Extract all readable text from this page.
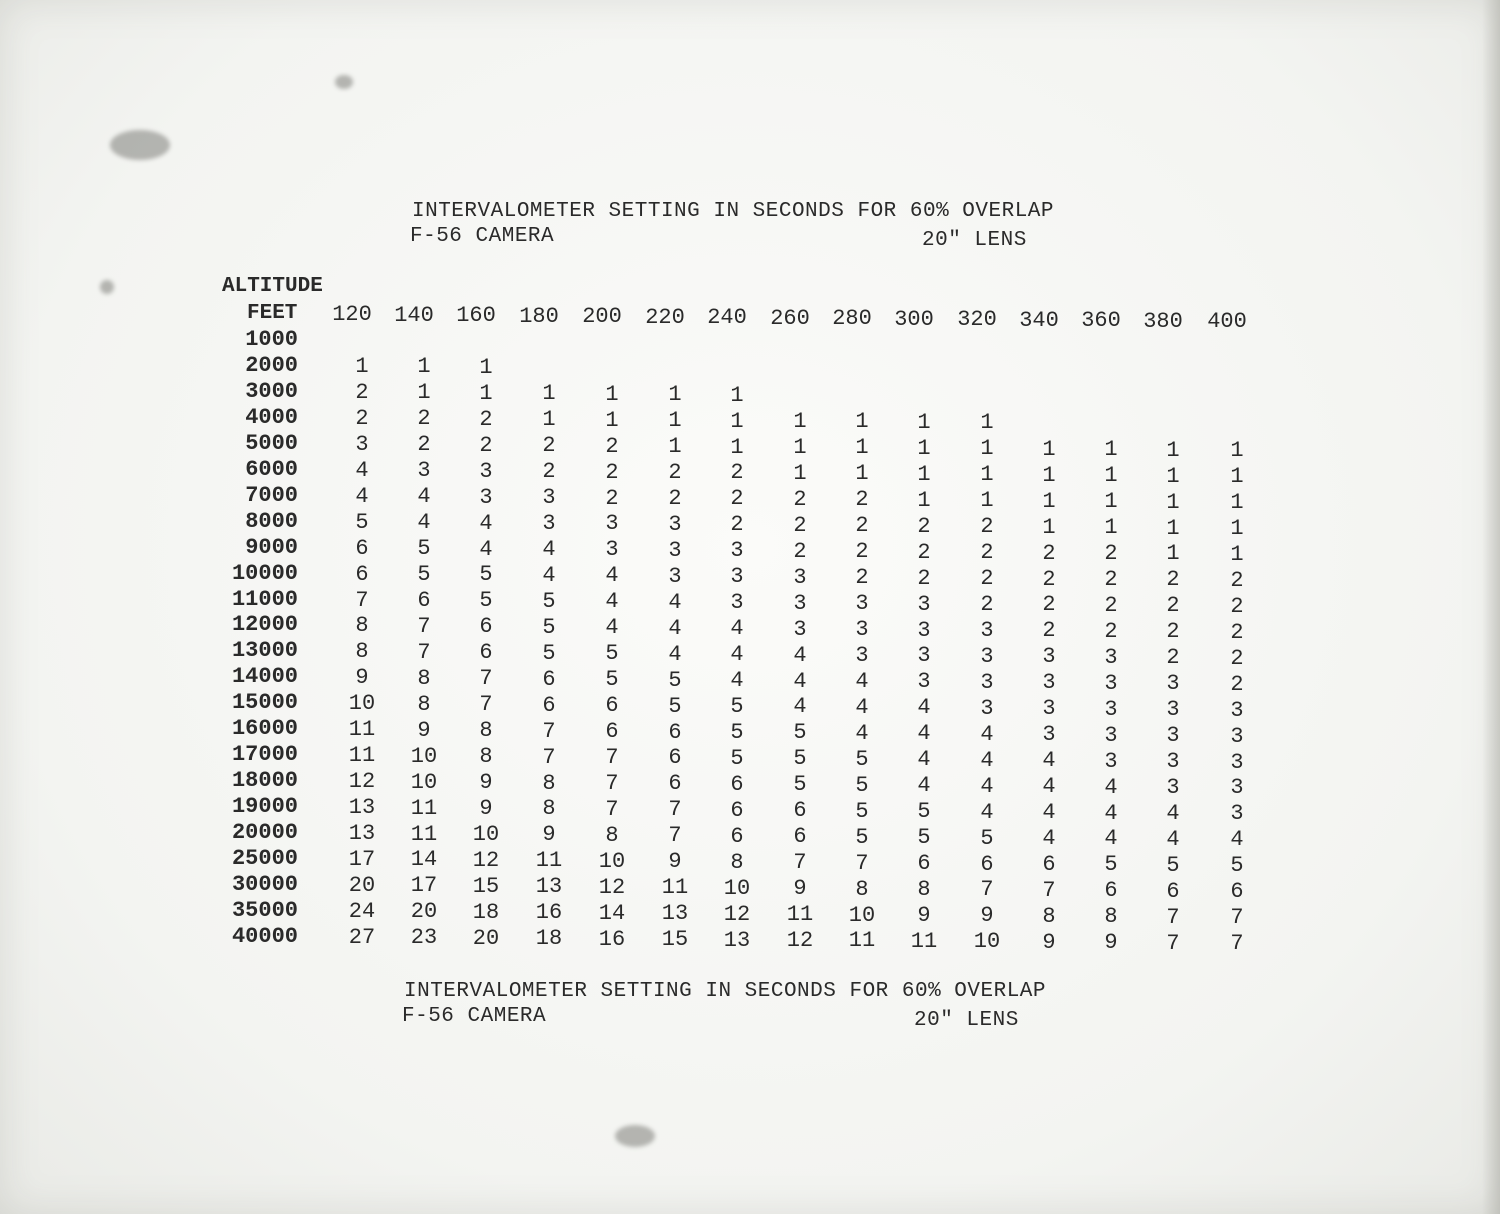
INTERVALOMETER SETTING IN SECONDS FOR 60% OVERLAP
F-56 CAMERA	20" LENS
ALTITUDE
FEET 120 140 160 180 200 220 240 260 280 300 320 340 360 380 400
1000
2000	1	1	1
3000	2	1	1	1	1	1	1
4000	2	2	2	1	1	1	1	1	1	1	1
5000	3	2	2	2	2	1	1	1	1	1	1	1	1	1	1
6000	4	3	3	2	2	2	2	1	1	1	1	1	1	1	1
7000	4	4	3	3	2	2	2	2	2	1	1	1	1	1	1
8000	5	4	4	3	3	3	2	2	2	2	2	1	1	1	1
9000	6	5	4	4	3	3	3	2	2	2	2	2	2	1	1
10000	6	5	5	4	4	3	3	3	2	2	2	2	2	2	2
11000	7	6	5	5	4	4	3	3	3	3	2	2	2	2	2
12000	8	7	6	5	4	4	4	3	3	3	3	2	2	2	2
13000	8	7	6	5	5	4	4	4	3	3	3	3	3	2	2
14000	9	8	7	6	5	5	4	4	4	3	3	3	3	3	2
15000	10	8	7	6	6	5	5	4	4	4	3	3	3	3	3
16000	11	9	8	7	6	6	5	5	4	4	4	3	3	3	3
17000	11	10	8	7	7	6	5	5	5	4	4	4	3	3	3
18000	12	10	9	8	7	6	6	5	5	4	4	4	4	3	3
19000	13	11	9	8	7	7	6	6	5	5	4	4	4	4	3
20000	13	11	10	9	8	7	6	6	5	5	5	4	4	4	4
25000	17	14	12	11	10	9	8	7	7	6	6	6	5	5	5
30000	20	17	15	13	12	11	10	9	8	8	7	7	6	6	6
35000	24	20	18	16	14	13	12	11	10	9	9	8	8	7	7
40000	27	23	20	18	16	15	13	12	11	11	10	9	9	7	7
INTERVALOMETER SETTING IN SECONDS FOR 60% OVERLAP
F-56 CAMERA	20" LENS
